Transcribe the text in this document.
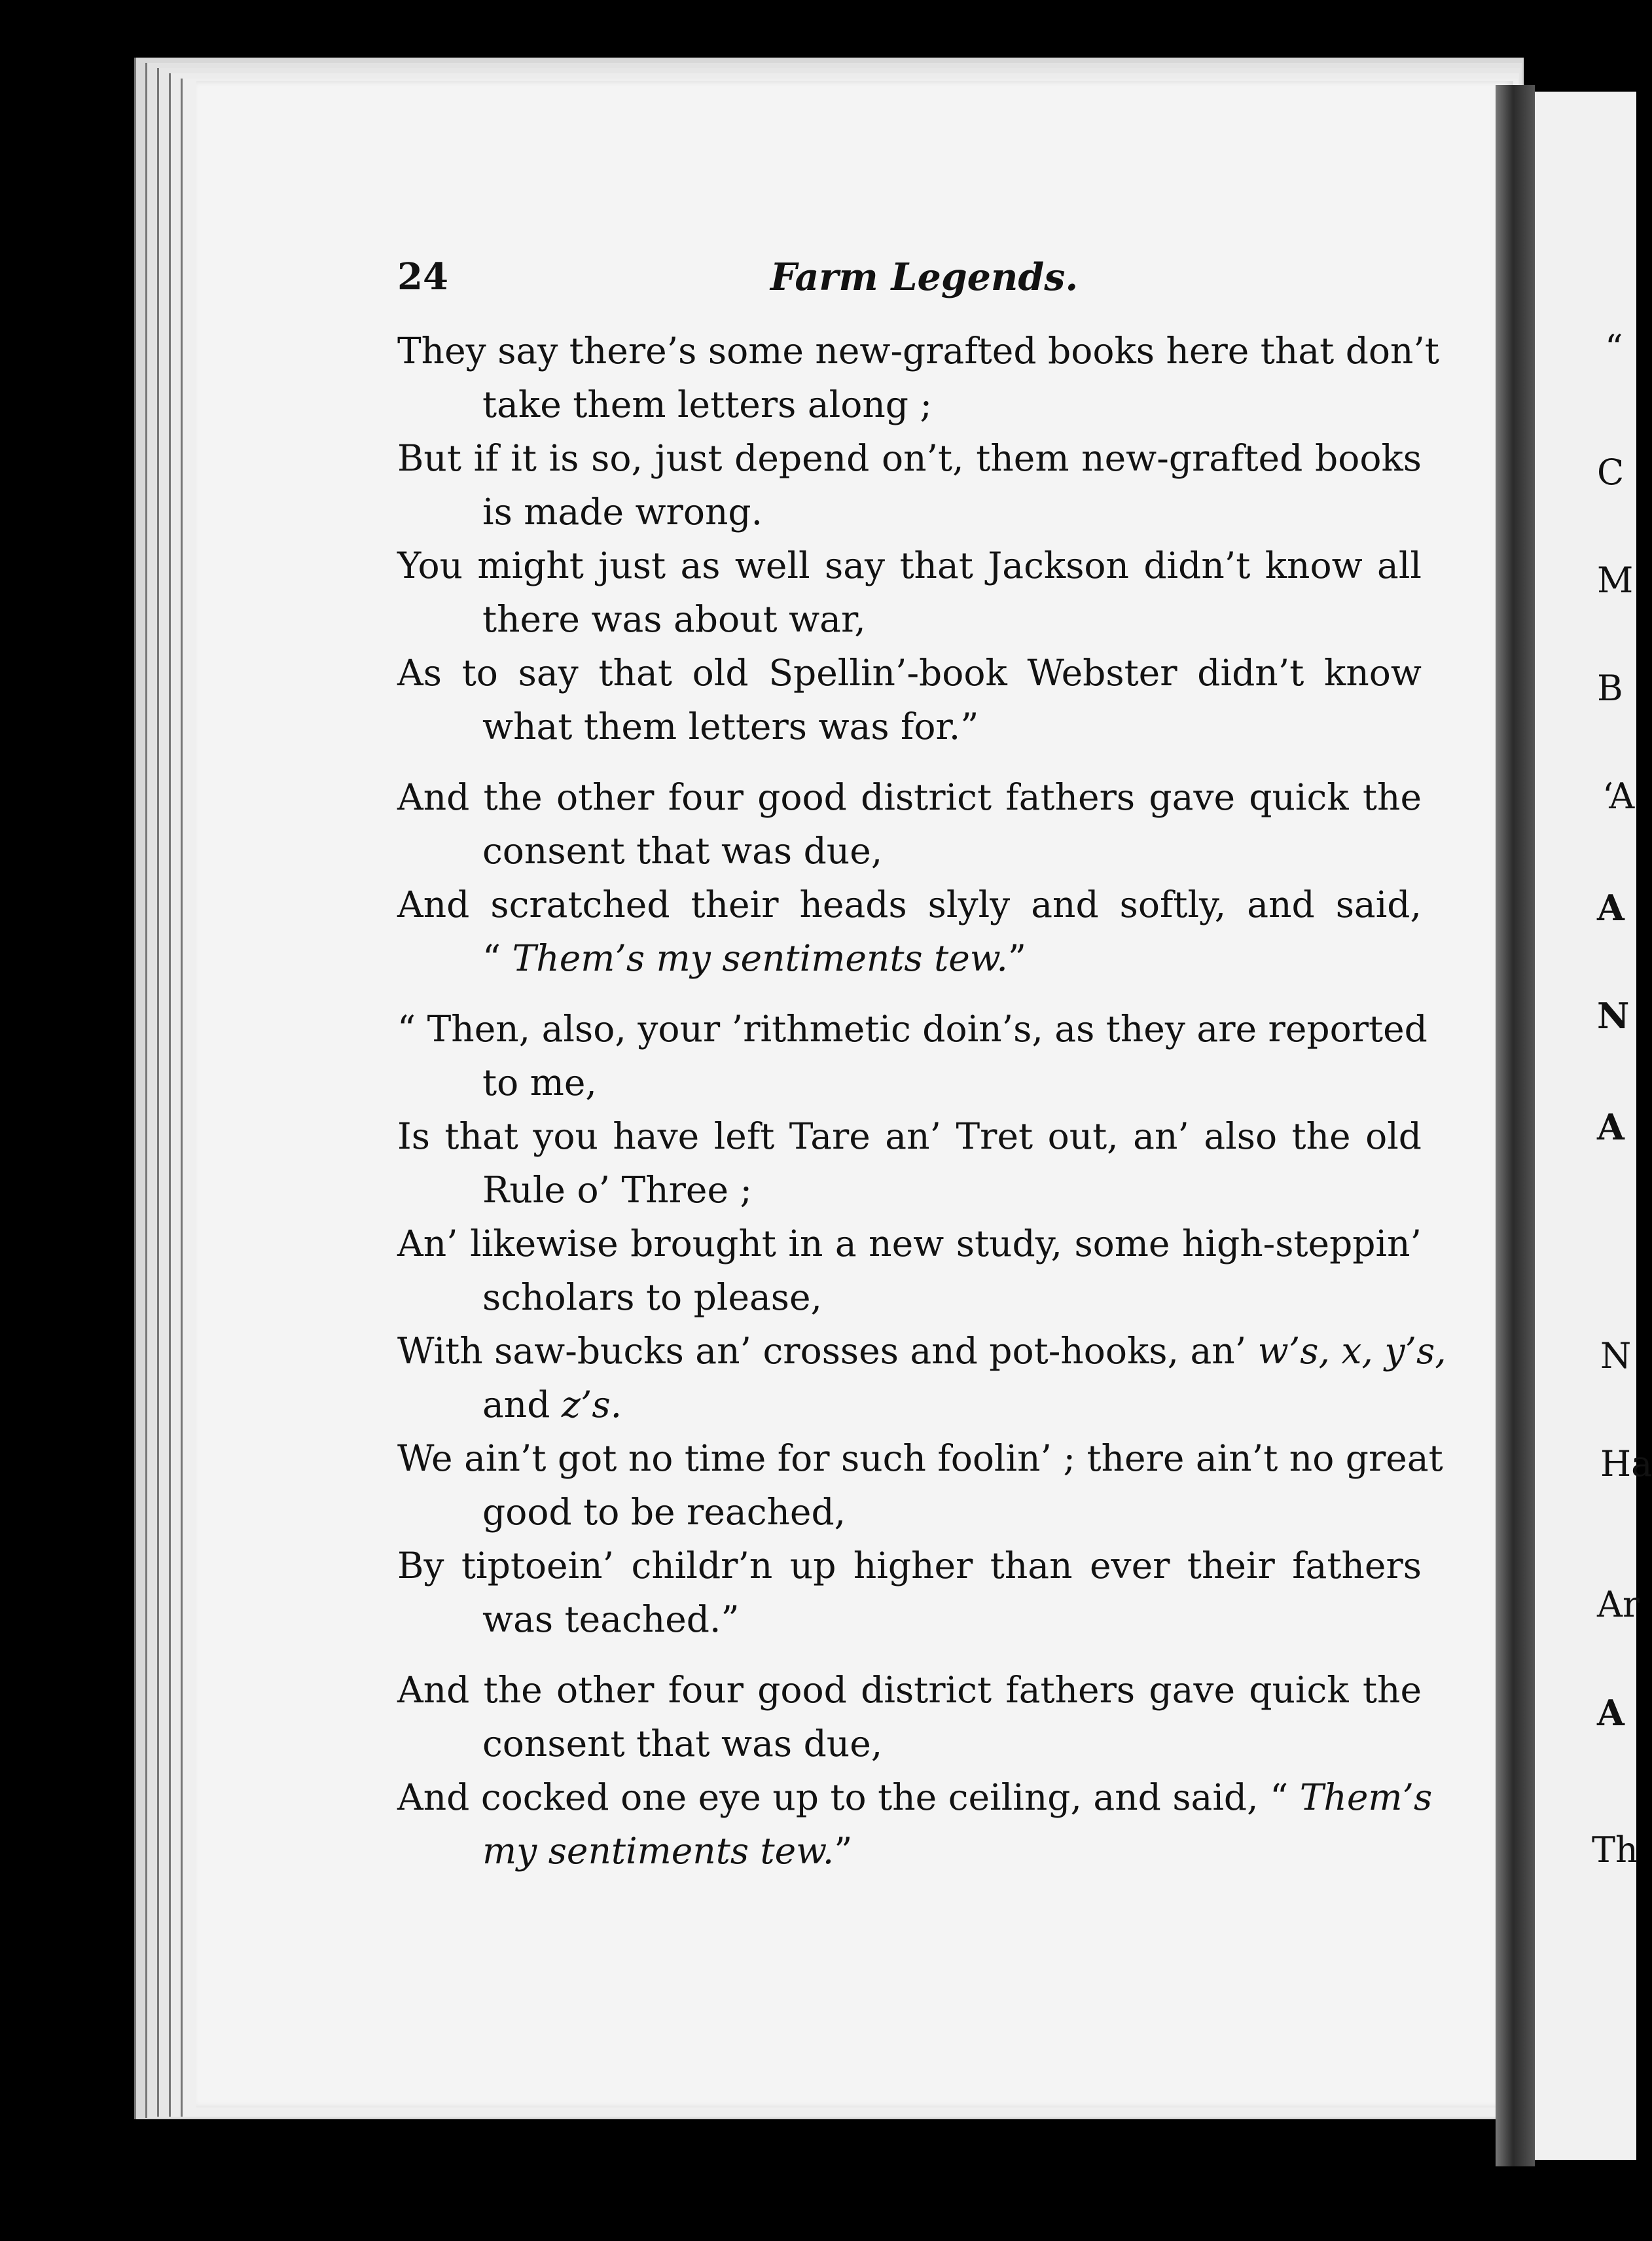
“
C
M
B
‘A
A
N
A
N
Ha
Ar
A
Th
24	Farm Legends.
They say there’s some new-grafted books here that don’t
take them letters along ;
But if it is so, just depend on’t, them new-grafted books
is made wrong.
You might just as well say that Jackson didn’t know all
there was about war,
As to say that old Spellin’-book Webster didn’t know
what them letters was for.”
And the other four good district fathers gave quick the
consent that was due,
And scratched their heads slyly and softly, and said,
“ Them’s my sentiments tew.”
“ Then, also, your ’rithmetic doin’s, as they are reported
to me,
Is that you have left Tare an’ Tret out, an’ also the old
Rule o’ Three ;
An’ likewise brought in a new study, some high-steppin’
scholars to please,
With saw-bucks an’ crosses and pot-hooks, an’ w’s, x, y’s,
and z’s.
We ain’t got no time for such foolin’ ; there ain’t no great
good to be reached,
By tiptoein’ childr’n up higher than ever their fathers
was teached.”
And the other four good district fathers gave quick the
consent that was due,
And cocked one eye up to the ceiling, and said, “ Them’s
my sentiments tew.”
